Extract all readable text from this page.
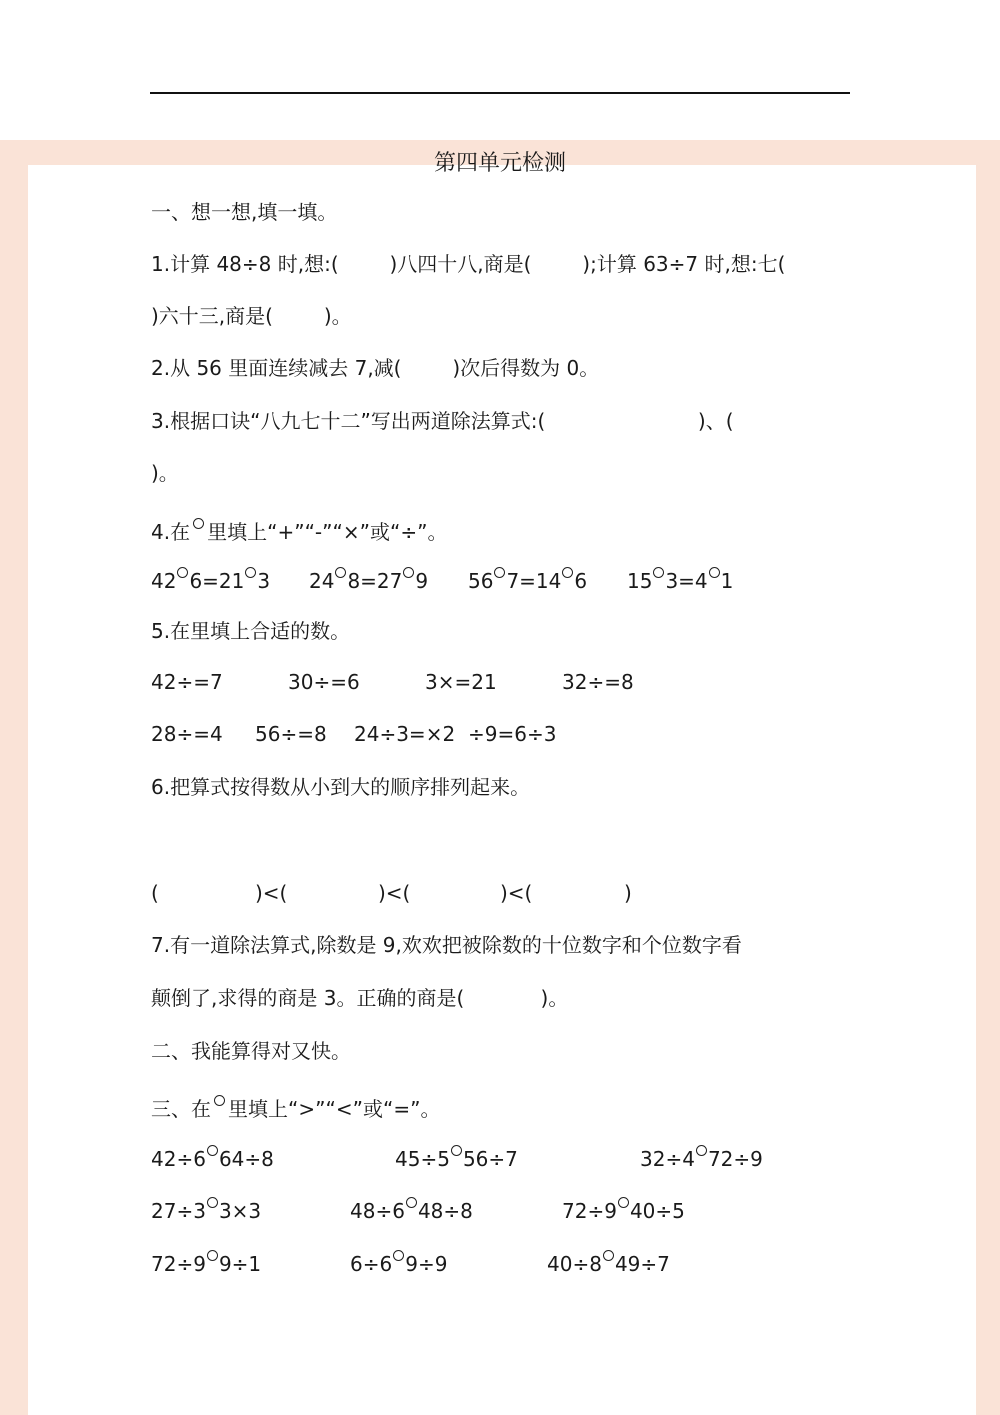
第四单元检测
一、想一想,填一填。
1.计算 48÷8 时,想:(        )八四十八,商是(        );计算 63÷7 时,想:七(
)六十三,商是(        )。
2.从 56 里面连续减去 7,减(        )次后得数为 0。
3.根据口诀“八九七十二”写出两道除法算式:(                        )、(
)。
4.在 里填上“+”“-”“×”或“÷”。
42 6=21 3 24 8=27 9 56 7=14 6 15 3=4 1
5.在里填上合适的数。
42÷=7	30÷=6	3×=21	32÷=8
28÷=4 56÷=8 24÷3=×2 ÷9=6÷3
6.把算式按得数从小到大的顺序排列起来。
(	)<(	)<(	)<(	)
7.有一道除法算式,除数是 9,欢欢把被除数的十位数字和个位数字看
颠倒了,求得的商是 3。正确的商是(            )。
二、我能算得对又快。
三、在 里填上“>”“<”或“=”。
42÷6 64÷8	45÷5 56÷7	32÷4 72÷9
27÷3 3×3	48÷6 48÷8	72÷9 40÷5
72÷9 9÷1	6÷6 9÷9	40÷8 49÷7
